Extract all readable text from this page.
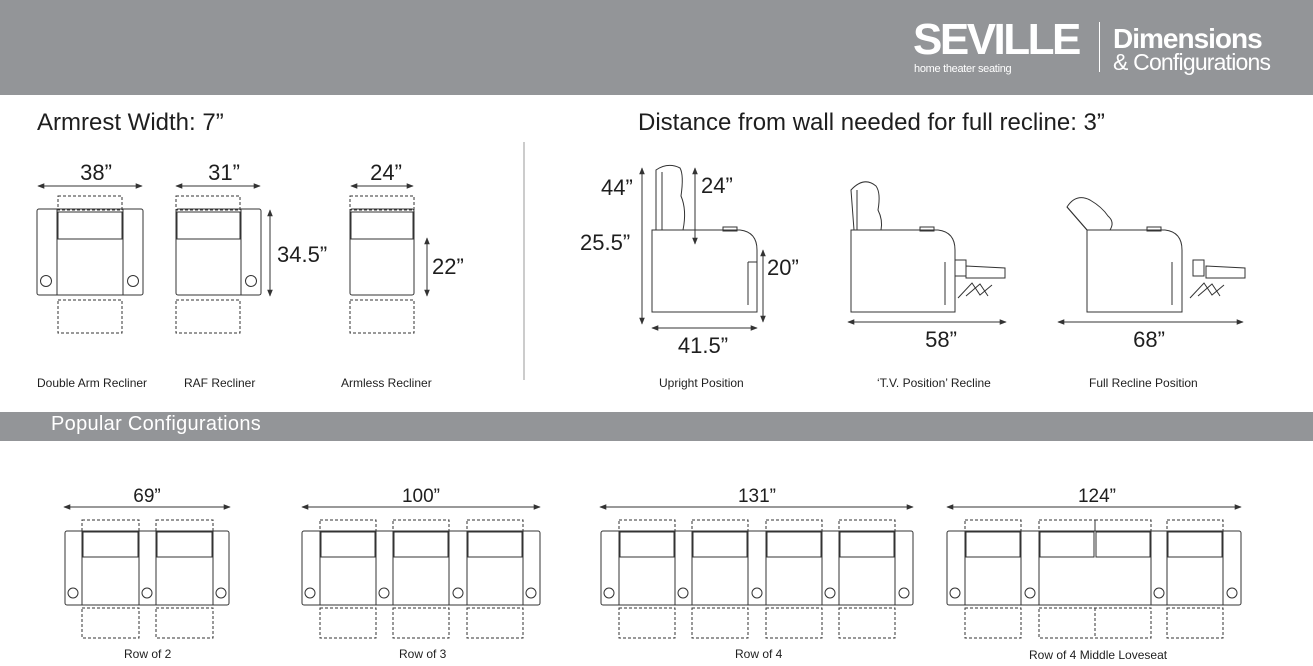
SEVILLE
home theater seating
Dimensions
& Configurations
Armrest Width: 7”	Distance from wall needed for full recline: 3”
Popular Configurations
38”	31”	24”
34.5”	22”
44”	24”
25.5”
20”
41.5”	58”	68”
69”	100”	131”	124”
Double Arm Recliner	RAF Recliner	Armless Recliner	Upright Position	‘T.V. Position’ Recline	Full Recline Position
Row of 2	Row of 3	Row of 4	Row of 4 Middle Loveseat
